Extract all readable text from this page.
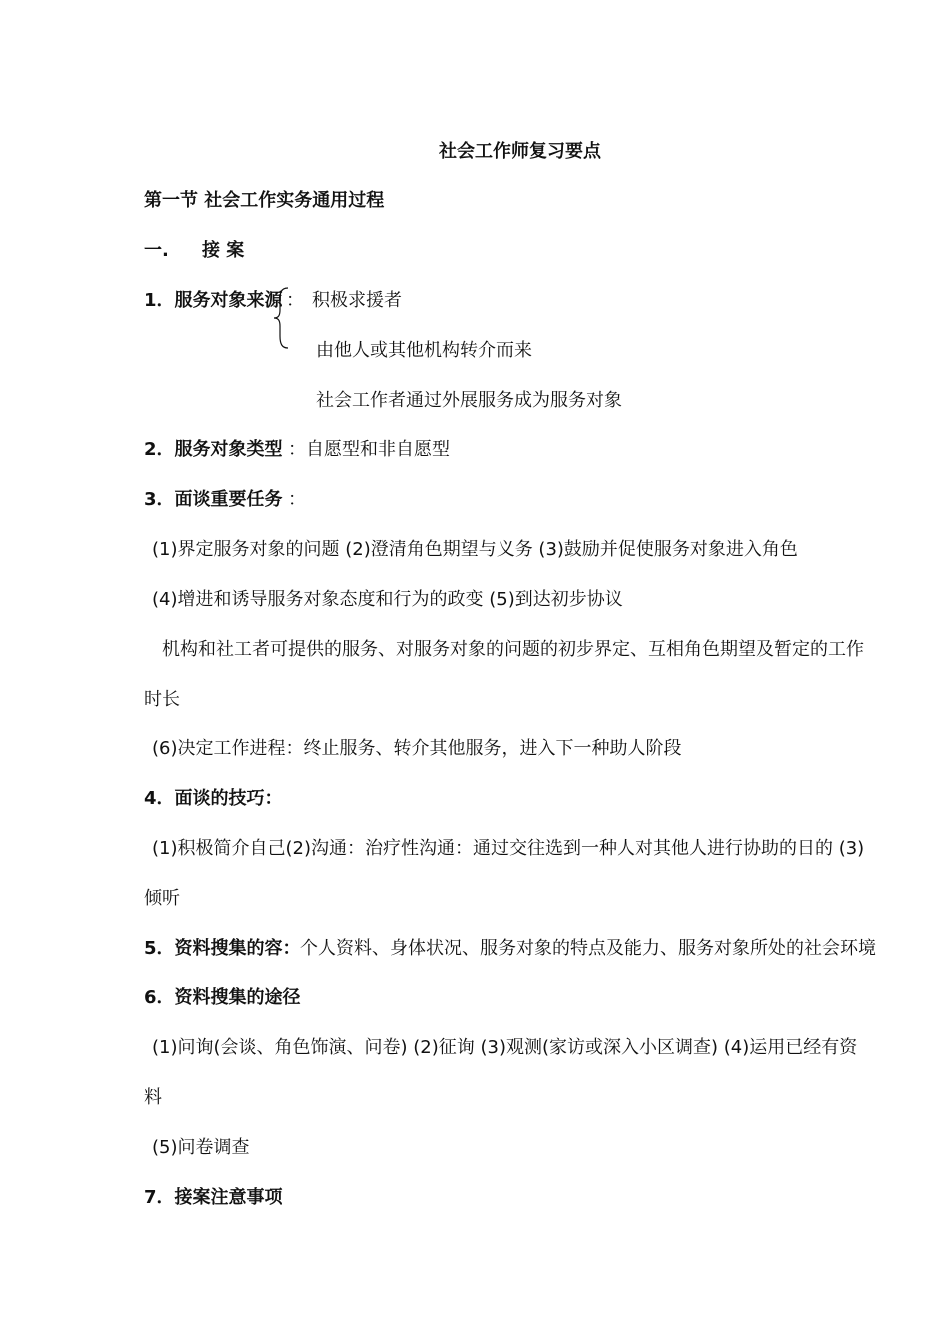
社会工作师复习要点
第一节 社会工作实务通用过程
一. 接 案
1．服务对象来源 ： 积极求援者
由他人或其他机构转介而来
社会工作者通过外展服务成为服务对象
2．服务对象类型 ：自愿型和非自愿型
3．面谈重要任务 ：
(1)界定服务对象的问题 (2)澄清角色期望与义务 (3)鼓励并促使服务对象进入角色
(4)增进和诱导服务对象态度和行为的政变 (5)到达初步协议
机构和社工者可提供的服务、对服务对象的问题的初步界定、互相角色期望及暂定的工作
时长
(6)决定工作进程：终止服务、转介其他服务，进入下一种助人阶段
4．面谈的技巧：
(1)积极简介自己(2)沟通：治疗性沟通：通过交往选到一种人对其他人进行协助的日的 (3)
倾听
5．资料搜集的容： 个人资料、身体状况、服务对象的特点及能力、服务对象所处的社会环境
6．资料搜集的途径
(1)问询(会谈、角色饰演、问卷) (2)征询 (3)观测(家访或深入小区调查) (4)运用已经有资
料
(5)问卷调查
7．接案注意事项
